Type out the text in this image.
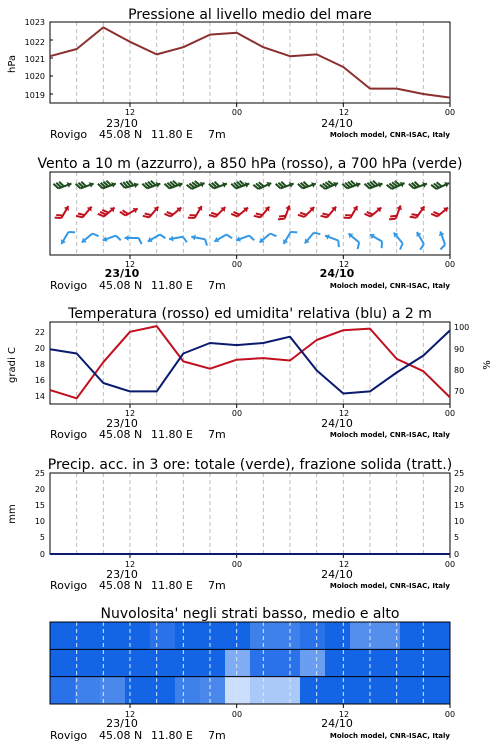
Pressione al livello medio del mare
hPa
1023
1022
1021
1020
1019
Vento a 10 m (azzurro), a 850 hPa (rosso), a 700 hPa (verde)
Temperatura (rosso) ed umidita' relativa (blu) a 2 m
gradi C	%
22
20
18
16
14
100
90
80
70
Precip. acc. in 3 ore: totale (verde), frazione solida (tratt.)
mm
25
20
15
10
5
0
25
20
15
10
5
0
Nuvolosita' negli strati basso, medio e alto
12	00	12	00
23/10	24/10
Rovigo 45.08 N 11.80 E 7m	Moloch model, CNR-ISAC, Italy
12	00	12	00
23/10	24/10
Rovigo 45.08 N 11.80 E 7m	Moloch model, CNR-ISAC, Italy
12	00	12	00
23/10	24/10
Rovigo 45.08 N 11.80 E 7m	Moloch model, CNR-ISAC, Italy
12	00	12	00
23/10	24/10
Rovigo 45.08 N 11.80 E 7m	Moloch model, CNR-ISAC, Italy
12	00	12	00
23/10	24/10
Rovigo 45.08 N 11.80 E 7m	Moloch model, CNR-ISAC, Italy
